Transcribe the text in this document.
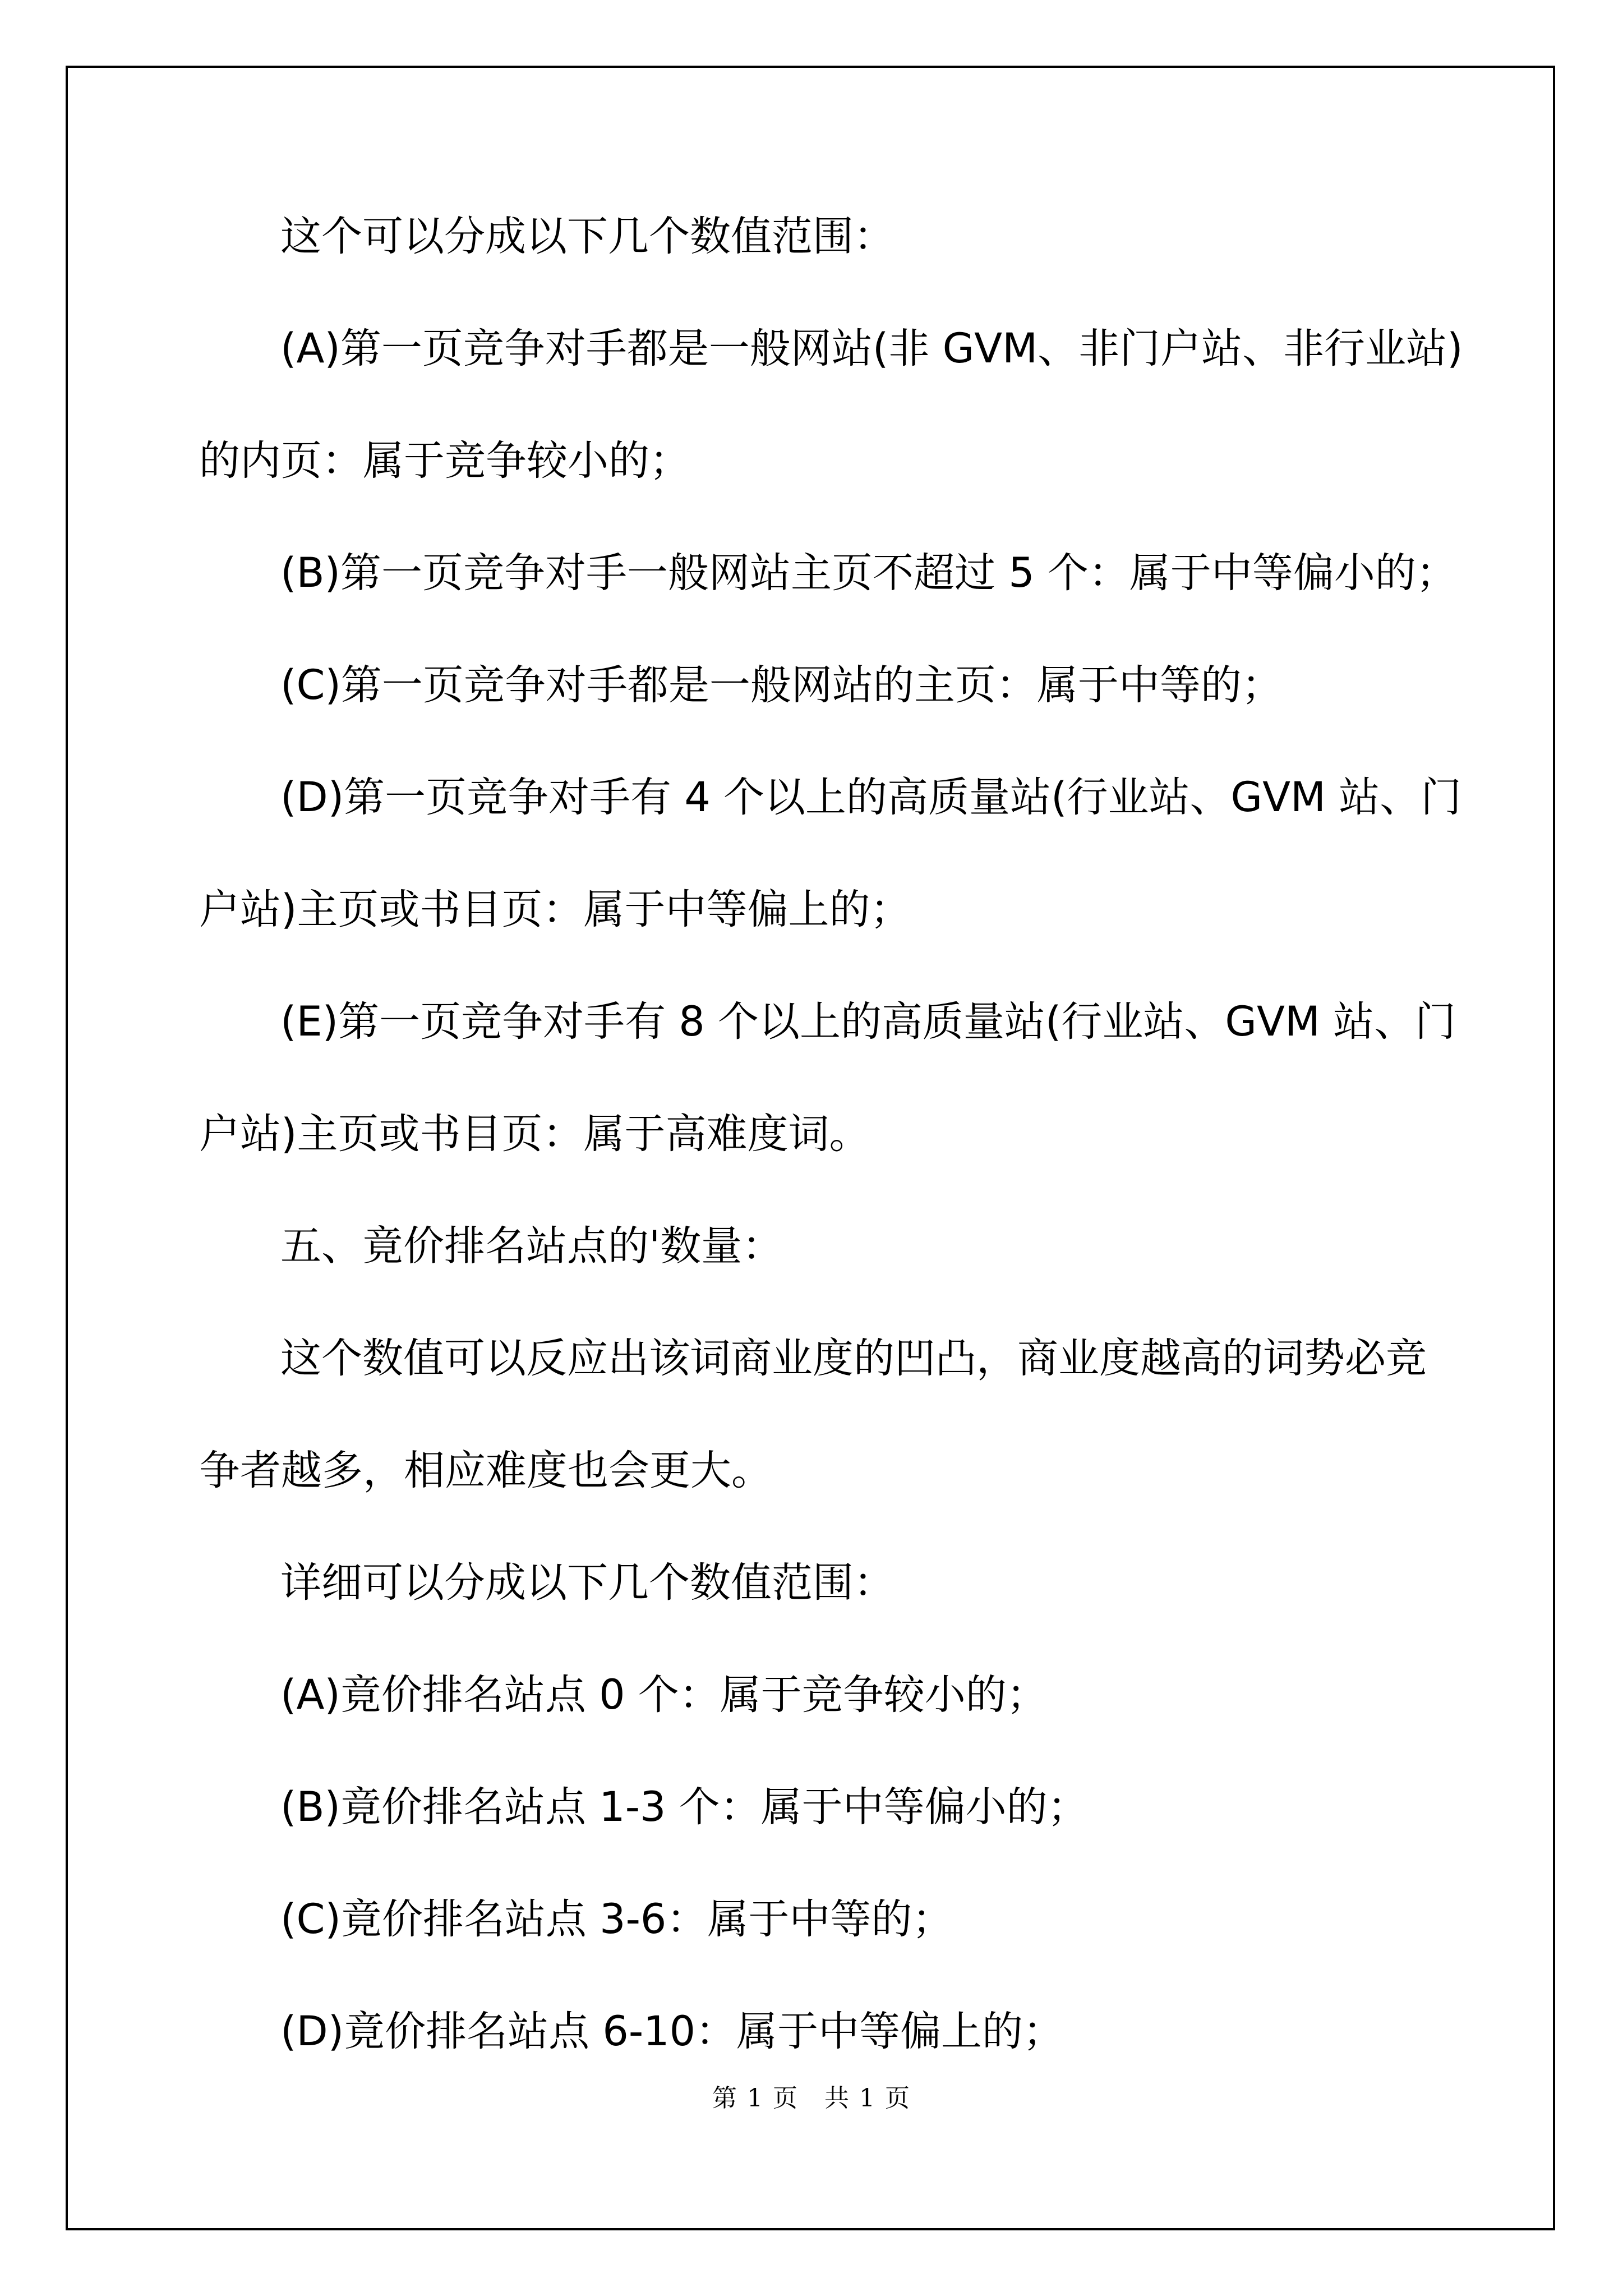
这个可以分成以下几个数值范围：
(A)第一页竞争对手都是一般网站(非 GVM、非门户站、非行业站)
的内页：属于竞争较小的；
(B)第一页竞争对手一般网站主页不超过 5 个：属于中等偏小的；
(C)第一页竞争对手都是一般网站的主页：属于中等的；
(D)第一页竞争对手有 4 个以上的高质量站(行业站、GVM 站、门
户站)主页或书目页：属于中等偏上的；
(E)第一页竞争对手有 8 个以上的高质量站(行业站、GVM 站、门
户站)主页或书目页：属于高难度词。
五、竟价排名站点的'数量：
这个数值可以反应出该词商业度的凹凸，商业度越高的词势必竞
争者越多，相应难度也会更大。
详细可以分成以下几个数值范围：
(A)竟价排名站点 0 个：属于竞争较小的；
(B)竟价排名站点 1-3 个：属于中等偏小的；
(C)竟价排名站点 3-6：属于中等的；
(D)竟价排名站点 6-10：属于中等偏上的；
第 1 页　共 1 页
